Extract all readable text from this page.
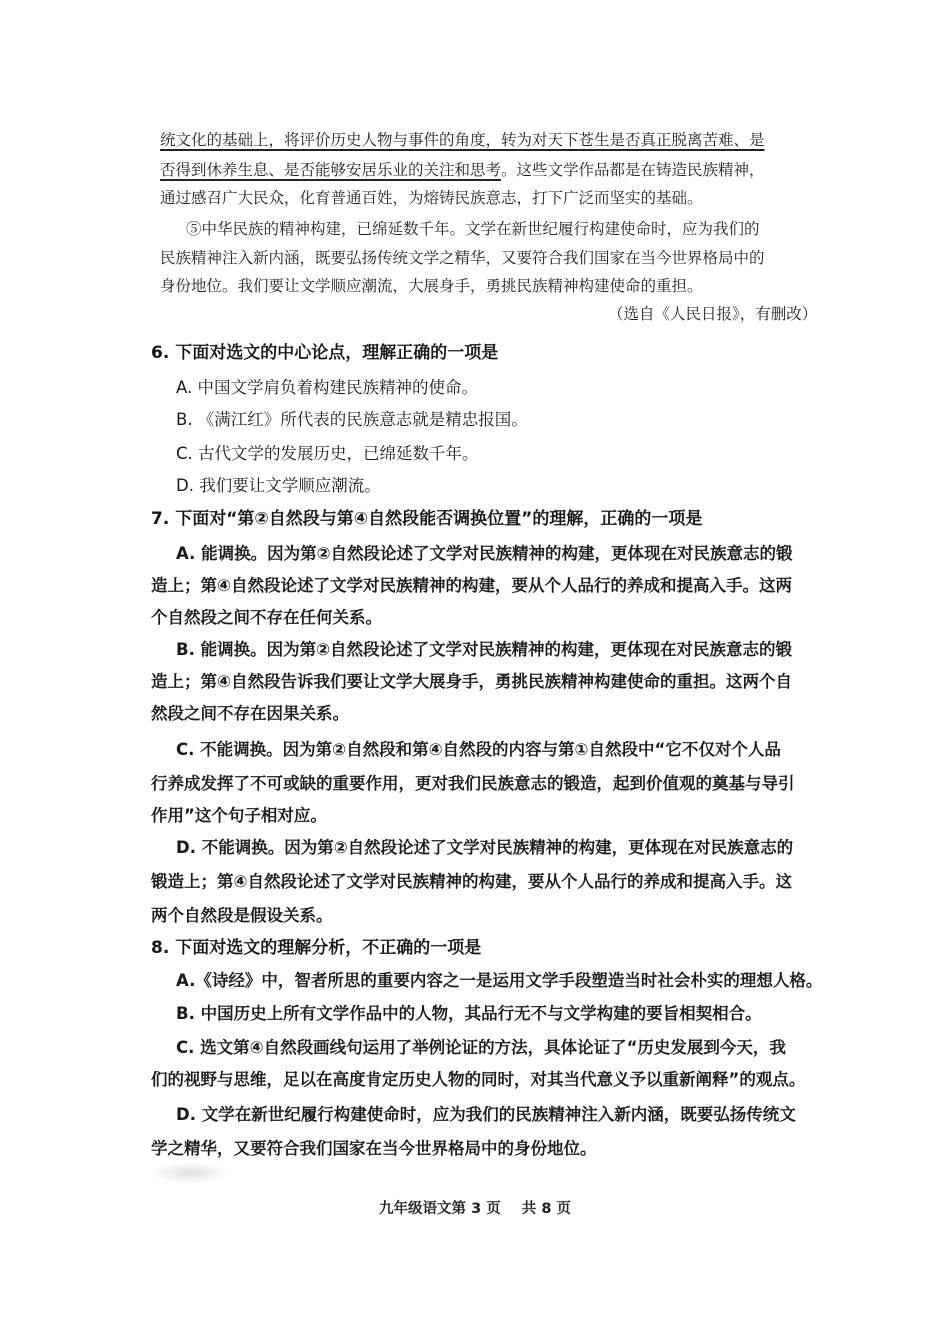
统文化的基础上，将评价历史人物与事件的角度，转为对天下苍生是否真正脱离苦难、是
否得到休养生息、是否能够安居乐业的关注和思考。这些文学作品都是在铸造民族精神，
通过感召广大民众，化育普通百姓，为熔铸民族意志，打下广泛而坚实的基础。
⑤中华民族的精神构建，已绵延数千年。文学在新世纪履行构建使命时，应为我们的
民族精神注入新内涵，既要弘扬传统文学之精华，又要符合我们国家在当今世界格局中的
身份地位。我们要让文学顺应潮流，大展身手，勇挑民族精神构建使命的重担。
（选自《人民日报》，有删改）
6. 下面对选文的中心论点，理解正确的一项是
A. 中国文学肩负着构建民族精神的使命。
B. 《满江红》所代表的民族意志就是精忠报国。
C. 古代文学的发展历史，已绵延数千年。
D. 我们要让文学顺应潮流。
7. 下面对“第②自然段与第④自然段能否调换位置”的理解，正确的一项是
A. 能调换。因为第②自然段论述了文学对民族精神的构建，更体现在对民族意志的锻
造上；第④自然段论述了文学对民族精神的构建，要从个人品行的养成和提高入手。这两
个自然段之间不存在任何关系。
B. 能调换。因为第②自然段论述了文学对民族精神的构建，更体现在对民族意志的锻
造上；第④自然段告诉我们要让文学大展身手，勇挑民族精神构建使命的重担。这两个自
然段之间不存在因果关系。
C. 不能调换。因为第②自然段和第④自然段的内容与第①自然段中“它不仅对个人品
行养成发挥了不可或缺的重要作用，更对我们民族意志的锻造，起到价值观的奠基与导引
作用”这个句子相对应。
D. 不能调换。因为第②自然段论述了文学对民族精神的构建，更体现在对民族意志的
锻造上；第④自然段论述了文学对民族精神的构建，要从个人品行的养成和提高入手。这
两个自然段是假设关系。
8. 下面对选文的理解分析，不正确的一项是
A.《诗经》中，智者所思的重要内容之一是运用文学手段塑造当时社会朴实的理想人格。
B. 中国历史上所有文学作品中的人物，其品行无不与文学构建的要旨相契相合。
C. 选文第④自然段画线句运用了举例论证的方法，具体论证了“历史发展到今天，我
们的视野与思维，足以在高度肯定历史人物的同时，对其当代意义予以重新阐释”的观点。
D. 文学在新世纪履行构建使命时，应为我们的民族精神注入新内涵，既要弘扬传统文
学之精华，又要符合我们国家在当今世界格局中的身份地位。
九年级语文第 3 页 共 8 页
